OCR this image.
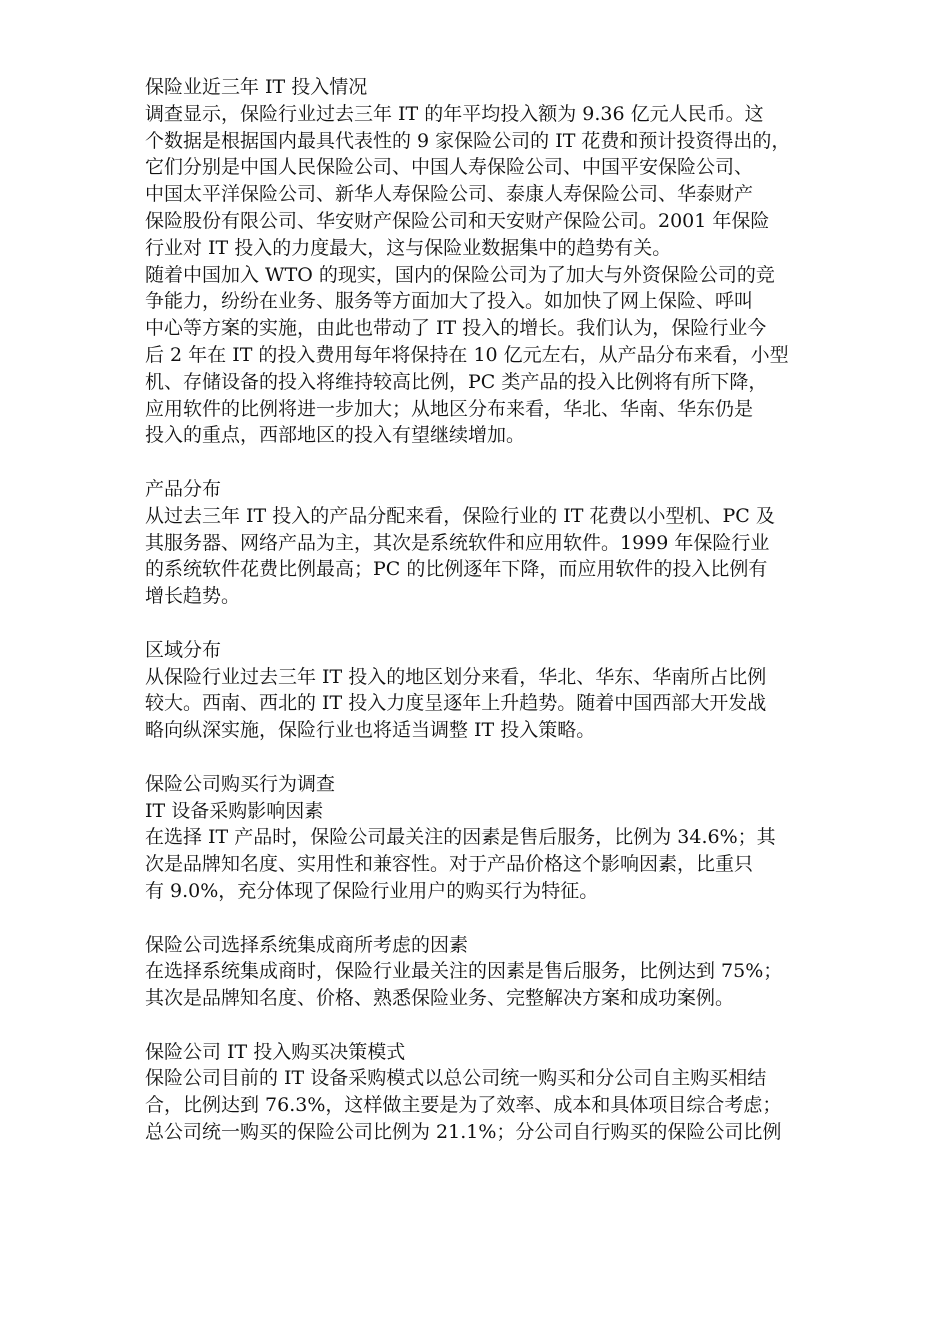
保险业近三年 IT 投入情况
调查显示，保险行业过去三年 IT 的年平均投入额为 9.36 亿元人民币。这
个数据是根据国内最具代表性的 9 家保险公司的 IT 花费和预计投资得出的，
它们分别是中国人民保险公司、中国人寿保险公司、中国平安保险公司、
中国太平洋保险公司、新华人寿保险公司、泰康人寿保险公司、华泰财产
保险股份有限公司、华安财产保险公司和天安财产保险公司。2001 年保险
行业对 IT 投入的力度最大，这与保险业数据集中的趋势有关。
随着中国加入 WTO 的现实，国内的保险公司为了加大与外资保险公司的竞
争能力，纷纷在业务、服务等方面加大了投入。如加快了网上保险、呼叫
中心等方案的实施，由此也带动了 IT 投入的增长。我们认为，保险行业今
后 2 年在 IT 的投入费用每年将保持在 10 亿元左右，从产品分布来看，小型
机、存储设备的投入将维持较高比例，PC 类产品的投入比例将有所下降，
应用软件的比例将进一步加大；从地区分布来看，华北、华南、华东仍是
投入的重点，西部地区的投入有望继续增加。
产品分布
从过去三年 IT 投入的产品分配来看，保险行业的 IT 花费以小型机、PC 及
其服务器、网络产品为主，其次是系统软件和应用软件。1999 年保险行业
的系统软件花费比例最高；PC 的比例逐年下降，而应用软件的投入比例有
增长趋势。
区域分布
从保险行业过去三年 IT 投入的地区划分来看，华北、华东、华南所占比例
较大。西南、西北的 IT 投入力度呈逐年上升趋势。随着中国西部大开发战
略向纵深实施，保险行业也将适当调整 IT 投入策略。
保险公司购买行为调查
IT 设备采购影响因素
在选择 IT 产品时，保险公司最关注的因素是售后服务，比例为 34.6%；其
次是品牌知名度、实用性和兼容性。对于产品价格这个影响因素，比重只
有 9.0%，充分体现了保险行业用户的购买行为特征。
保险公司选择系统集成商所考虑的因素
在选择系统集成商时，保险行业最关注的因素是售后服务，比例达到 75%；
其次是品牌知名度、价格、熟悉保险业务、完整解决方案和成功案例。
保险公司 IT 投入购买决策模式
保险公司目前的 IT 设备采购模式以总公司统一购买和分公司自主购买相结
合，比例达到 76.3%，这样做主要是为了效率、成本和具体项目综合考虑；
总公司统一购买的保险公司比例为 21.1%；分公司自行购买的保险公司比例
